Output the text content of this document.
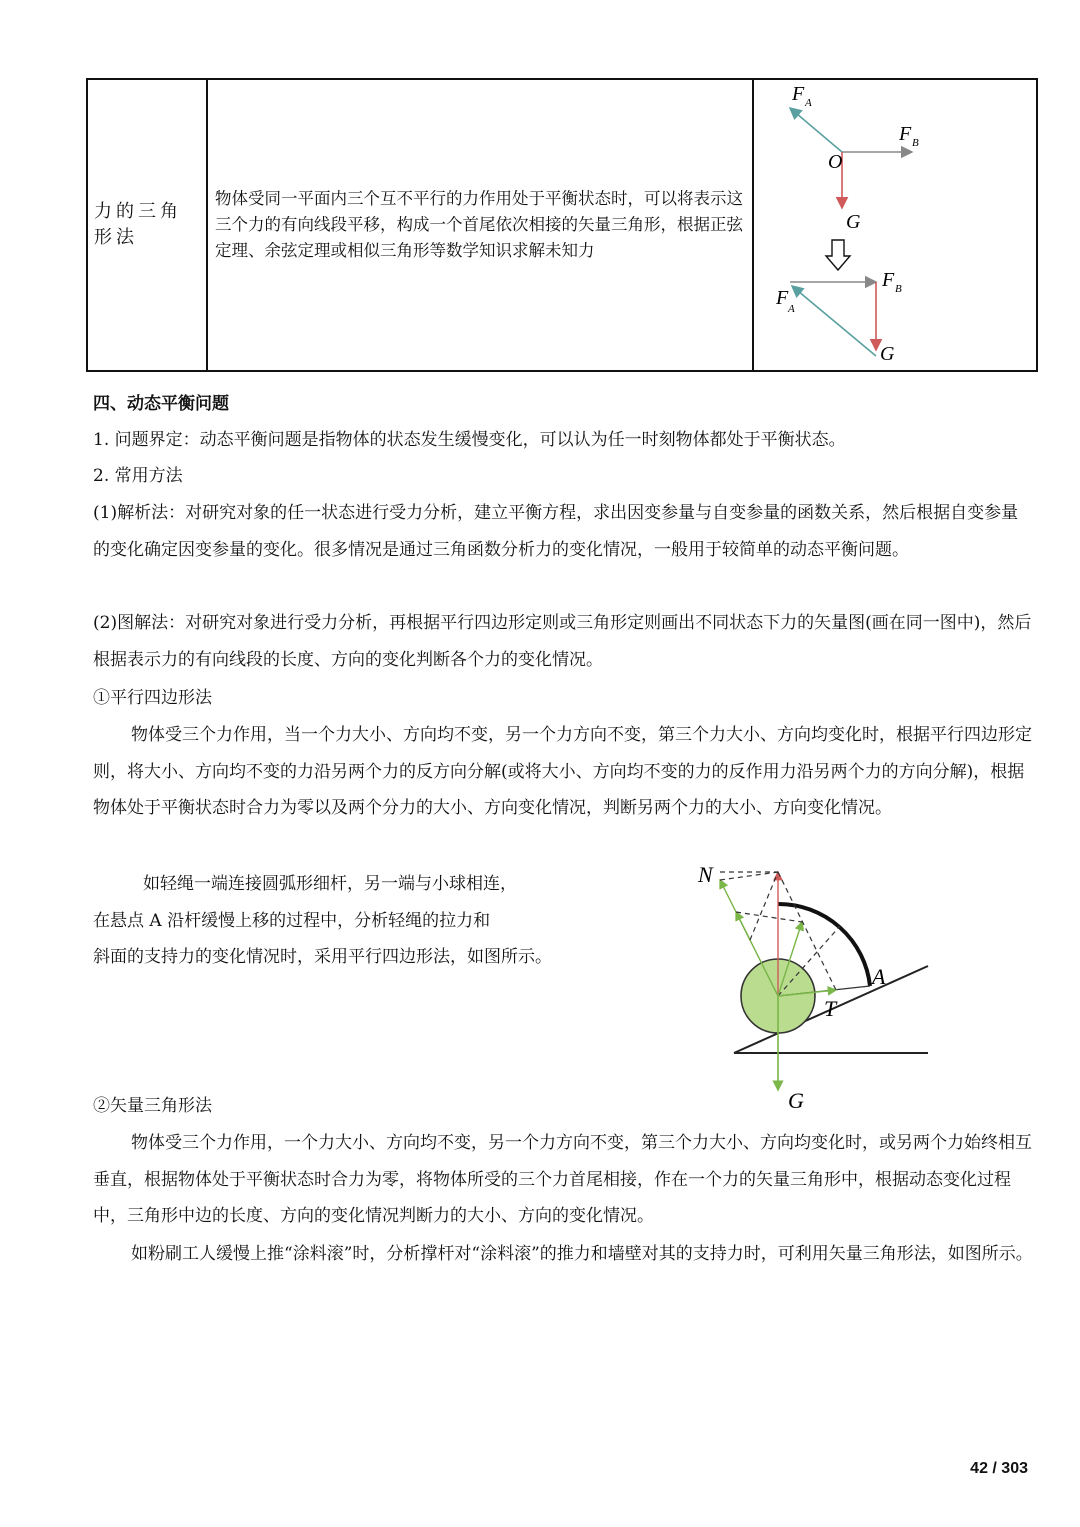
力的三角形法	物体受同一平面内三个互不平行的力作用处于平衡状态时，可以将表示这三个力的有向线段平移，构成一个首尾依次相接的矢量三角形，根据正弦定理、余弦定理或相似三角形等数学知识求解未知力	
F A
F B
O
G
F B
F A
G

四、动态平衡问题

1. 问题界定：动态平衡问题是指物体的状态发生缓慢变化，可以认为任一时刻物体都处于平衡状态。

2. 常用方法

(1)解析法：对研究对象的任一状态进行受力分析，建立平衡方程，求出因变参量与自变参量的函数关系，然后根据自变参量的变化确定因变参量的变化。很多情况是通过三角函数分析力的变化情况，一般用于较简单的动态平衡问题。

(2)图解法：对研究对象进行受力分析，再根据平行四边形定则或三角形定则画出不同状态下力的矢量图(画在同一图中)，然后根据表示力的有向线段的长度、方向的变化判断各个力的变化情况。

①平行四边形法

物体受三个力作用，当一个力大小、方向均不变，另一个力方向不变，第三个力大小、方向均变化时，根据平行四边形定则，将大小、方向均不变的力沿另两个力的反方向分解(或将大小、方向均不变的力的反作用力沿另两个力的方向分解)，根据物体处于平衡状态时合力为零以及两个分力的大小、方向变化情况，判断另两个力的大小、方向变化情况。

如轻绳一端连接圆弧形细杆，另一端与小球相连，
在悬点 A 沿杆缓慢上移的过程中，分析轻绳的拉力和
斜面的支持力的变化情况时，采用平行四边形法，如图所示。
N
A
T
G

②矢量三角形法

物体受三个力作用，一个力大小、方向均不变，另一个力方向不变，第三个力大小、方向均变化时，或另两个力始终相互垂直，根据物体处于平衡状态时合力为零，将物体所受的三个力首尾相接，作在一个力的矢量三角形中，根据动态变化过程中，三角形中边的长度、方向的变化情况判断力的大小、方向的变化情况。

如粉刷工人缓慢上推“涂料滚”时，分析撑杆对“涂料滚”的推力和墙壁对其的支持力时，可利用矢量三角形法，如图所示。

42 / 303
